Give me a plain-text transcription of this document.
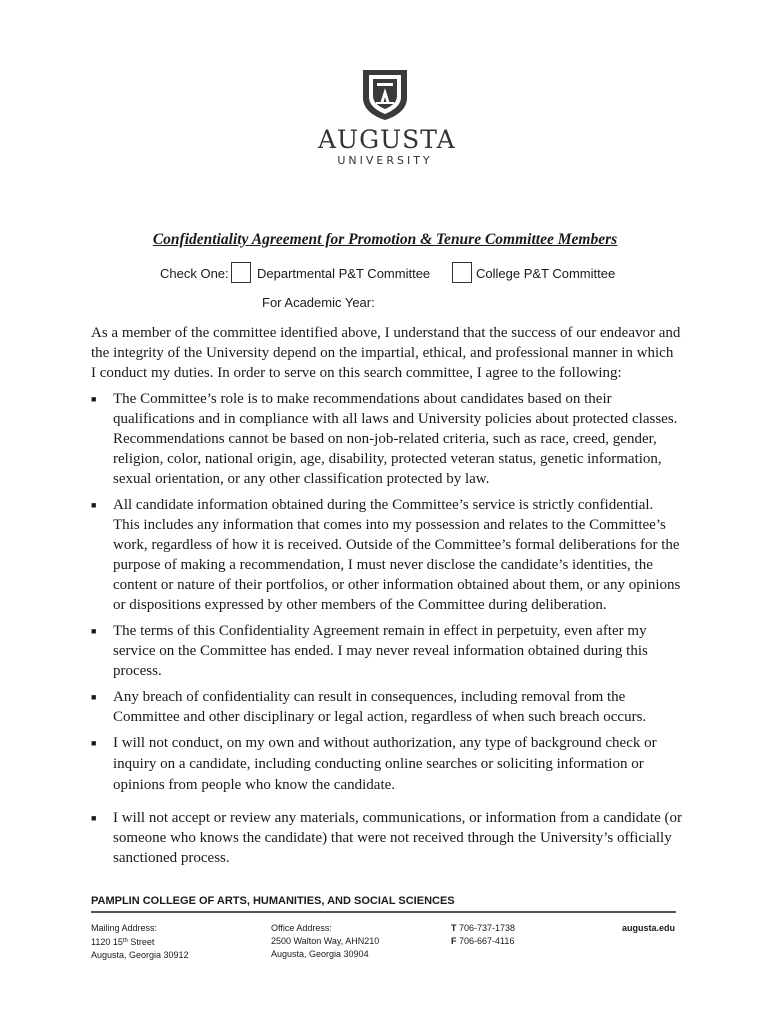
AUGUSTA
UNIVERSITY
Confidentiality Agreement for Promotion & Tenure Committee Members
Check One: Departmental P&T Committee	College P&T Committee
For Academic Year:
As a member of the committee identified above, I understand that the success of our endeavor and the integrity of the University depend on the impartial, ethical, and professional manner in which I conduct my duties. In order to serve on this search committee, I agree to the following:
■ The Committee’s role is to make recommendations about candidates based on their qualifications and in compliance with all laws and University policies about protected classes. Recommendations cannot be based on non-job-related criteria, such as race, creed, gender, religion, color, national origin, age, disability, protected veteran status, genetic information, sexual orientation, or any other classification protected by law.
■ All candidate information obtained during the Committee’s service is strictly confidential. This includes any information that comes into my possession and relates to the Committee’s work, regardless of how it is received. Outside of the Committee’s formal deliberations for the purpose of making a recommendation, I must never disclose the candidate’s identities, the content or nature of their portfolios, or other information obtained about them, or any opinions or dispositions expressed by other members of the Committee during deliberation.
■ The terms of this Confidentiality Agreement remain in effect in perpetuity, even after my service on the Committee has ended. I may never reveal information obtained during this process.
■ Any breach of confidentiality can result in consequences, including removal from the Committee and other disciplinary or legal action, regardless of when such breach occurs.
■ I will not conduct, on my own and without authorization, any type of background check or inquiry on a candidate, including conducting online searches or soliciting information or opinions from people who know the candidate.
■ I will not accept or review any materials, communications, or information from a candidate (or someone who knows the candidate) that were not received through the University’s officially sanctioned process.
PAMPLIN COLLEGE OF ARTS, HUMANITIES, AND SOCIAL SCIENCES
Mailing Address:
1120 15th Street
Augusta, Georgia 30912
Office Address:
2500 Walton Way, AHN210
Augusta, Georgia 30904
T 706-737-1738
F 706-667-4116
augusta.edu
